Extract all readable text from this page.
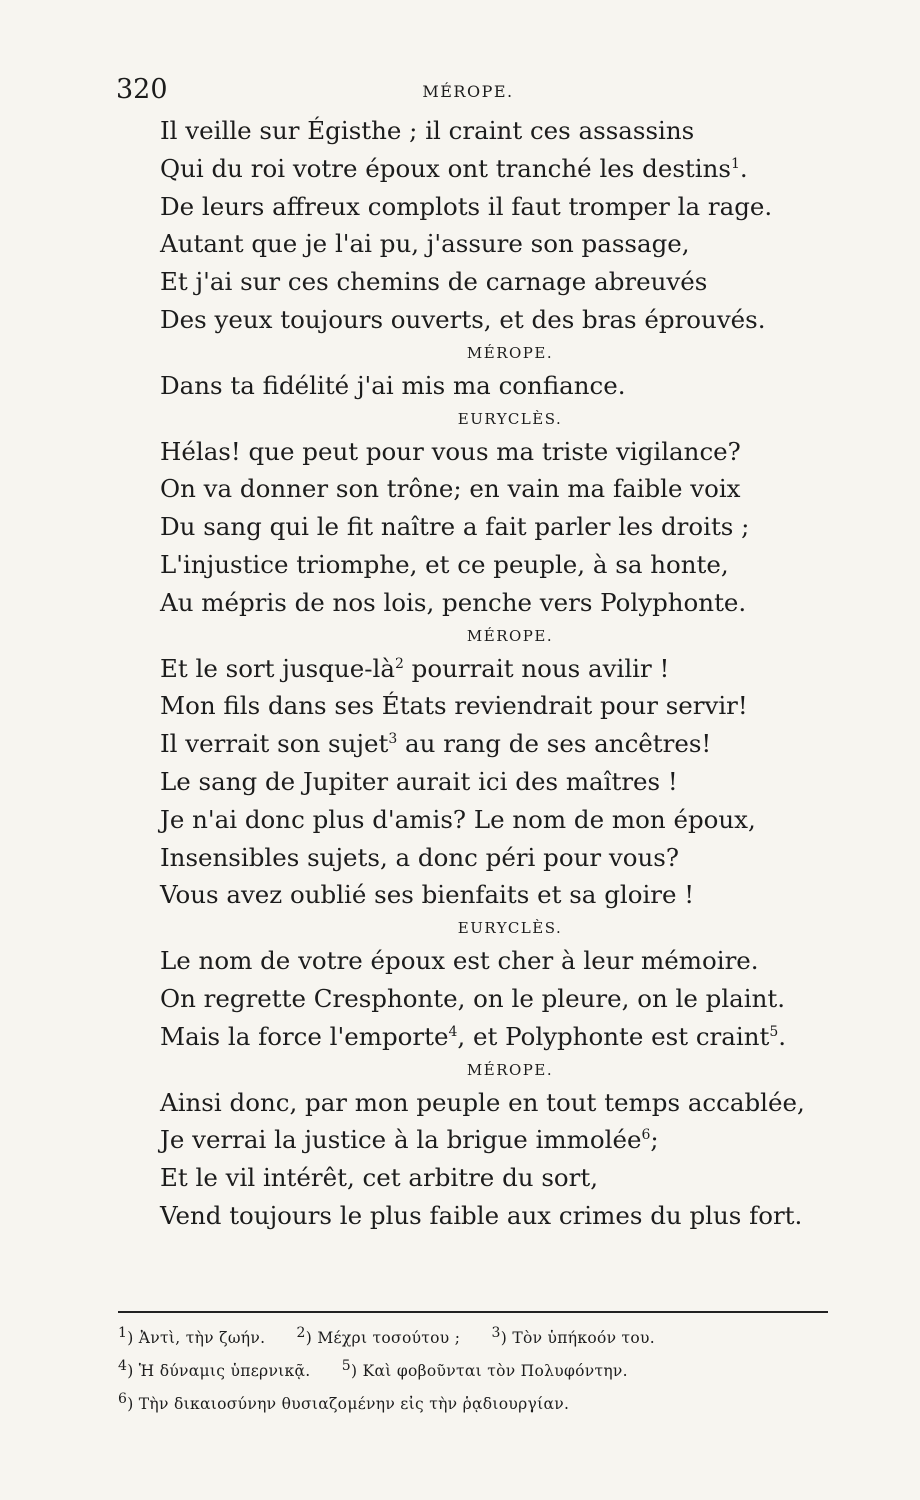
320	MÉROPE.
Il veille sur Égisthe ; il craint ces assassins
Qui du roi votre époux ont tranché les destins$^1$.
De leurs affreux complots il faut tromper la rage.
Autant que je l'ai pu, j'assure son passage,
Et j'ai sur ces chemins de carnage abreuvés
Des yeux toujours ouverts, et des bras éprouvés.
MÉROPE.
Dans ta fidélité j'ai mis ma confiance.
EURYCLÈS.
Hélas! que peut pour vous ma triste vigilance?
On va donner son trône; en vain ma faible voix
Du sang qui le fit naître a fait parler les droits ;
L'injustice triomphe, et ce peuple, à sa honte,
Au mépris de nos lois, penche vers Polyphonte.
MÉROPE.
Et le sort jusque-$là^2$ pourrait nous avilir !
Mon fils dans ses États reviendrait pour servir!
Il verrait son sujet$^3$ au rang de ses ancêtres!
Le sang de Jupiter aurait ici des maîtres !
Je n'ai donc plus d'amis? Le nom de mon époux,
Insensibles sujets, a donc péri pour vous?
Vous avez oublié ses bienfaits et sa gloire !
EURYCLÈS.
Le nom de votre époux est cher à leur mémoire.
On regrette Cresphonte, on le pleure, on le plaint.
Mais la force l'emporte$^4$, et Polyphonte est craint$^5$.
MÉROPE.
Ainsi donc, par mon peuple en tout temps accablée,
Je verrai la justice à la brigue immolée$^6$;
Et le vil intérêt, cet arbitre du sort,
Vend toujours le plus faible aux crimes du plus fort.
$^1$) Ἀντὶ, τὴν ζωήν. $^2$) Μέχρι τοσούτου ; $^3$) Τὸν ὑπήκοόν του.
$^4$) Ἡ δύναμις ὑπερνικᾷ. $^5$) Καὶ φοβοῦνται τὸν Πολυφόντην.
$^6$) Τὴν δικαιοσύνην θυσιαζομένην εἰς τὴν ῥᾳδιουργίαν.
